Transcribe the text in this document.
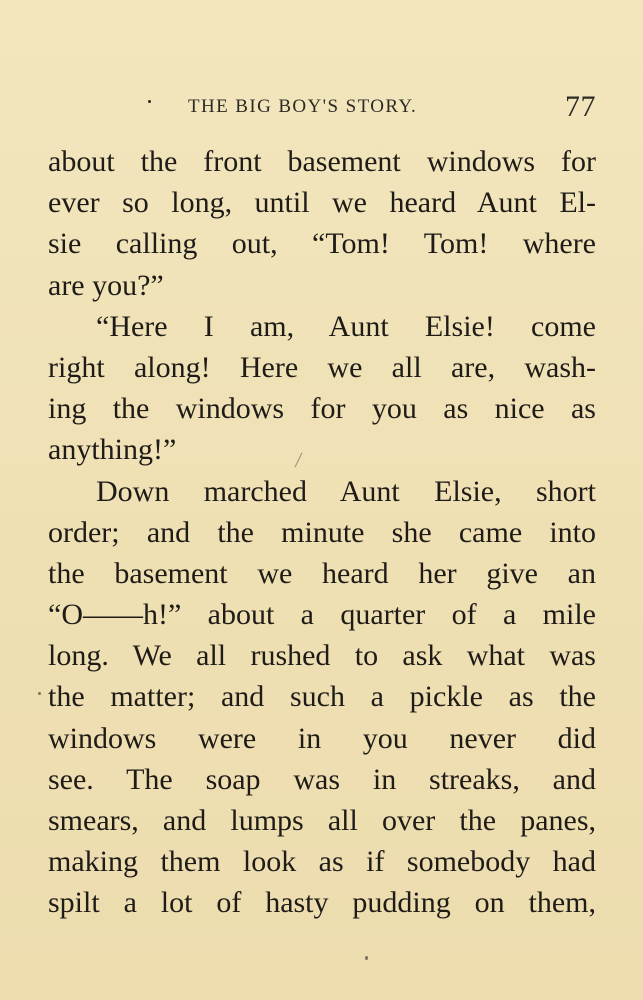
THE BIG BOY'S STORY.	77
about the front basement windows for
ever so long, until we heard Aunt El-
sie calling out, “Tom! Tom! where
are you?”
“Here I am, Aunt Elsie! come
right along! Here we all are, wash-
ing the windows for you as nice as
anything!”
Down marched Aunt Elsie, short
order; and the minute she came into
the basement we heard her give an
“O——h!” about a quarter of a mile
long. We all rushed to ask what was
the matter; and such a pickle as the
windows were in you never did
see. The soap was in streaks, and
smears, and lumps all over the panes,
making them look as if somebody had
spilt a lot of hasty pudding on them,
